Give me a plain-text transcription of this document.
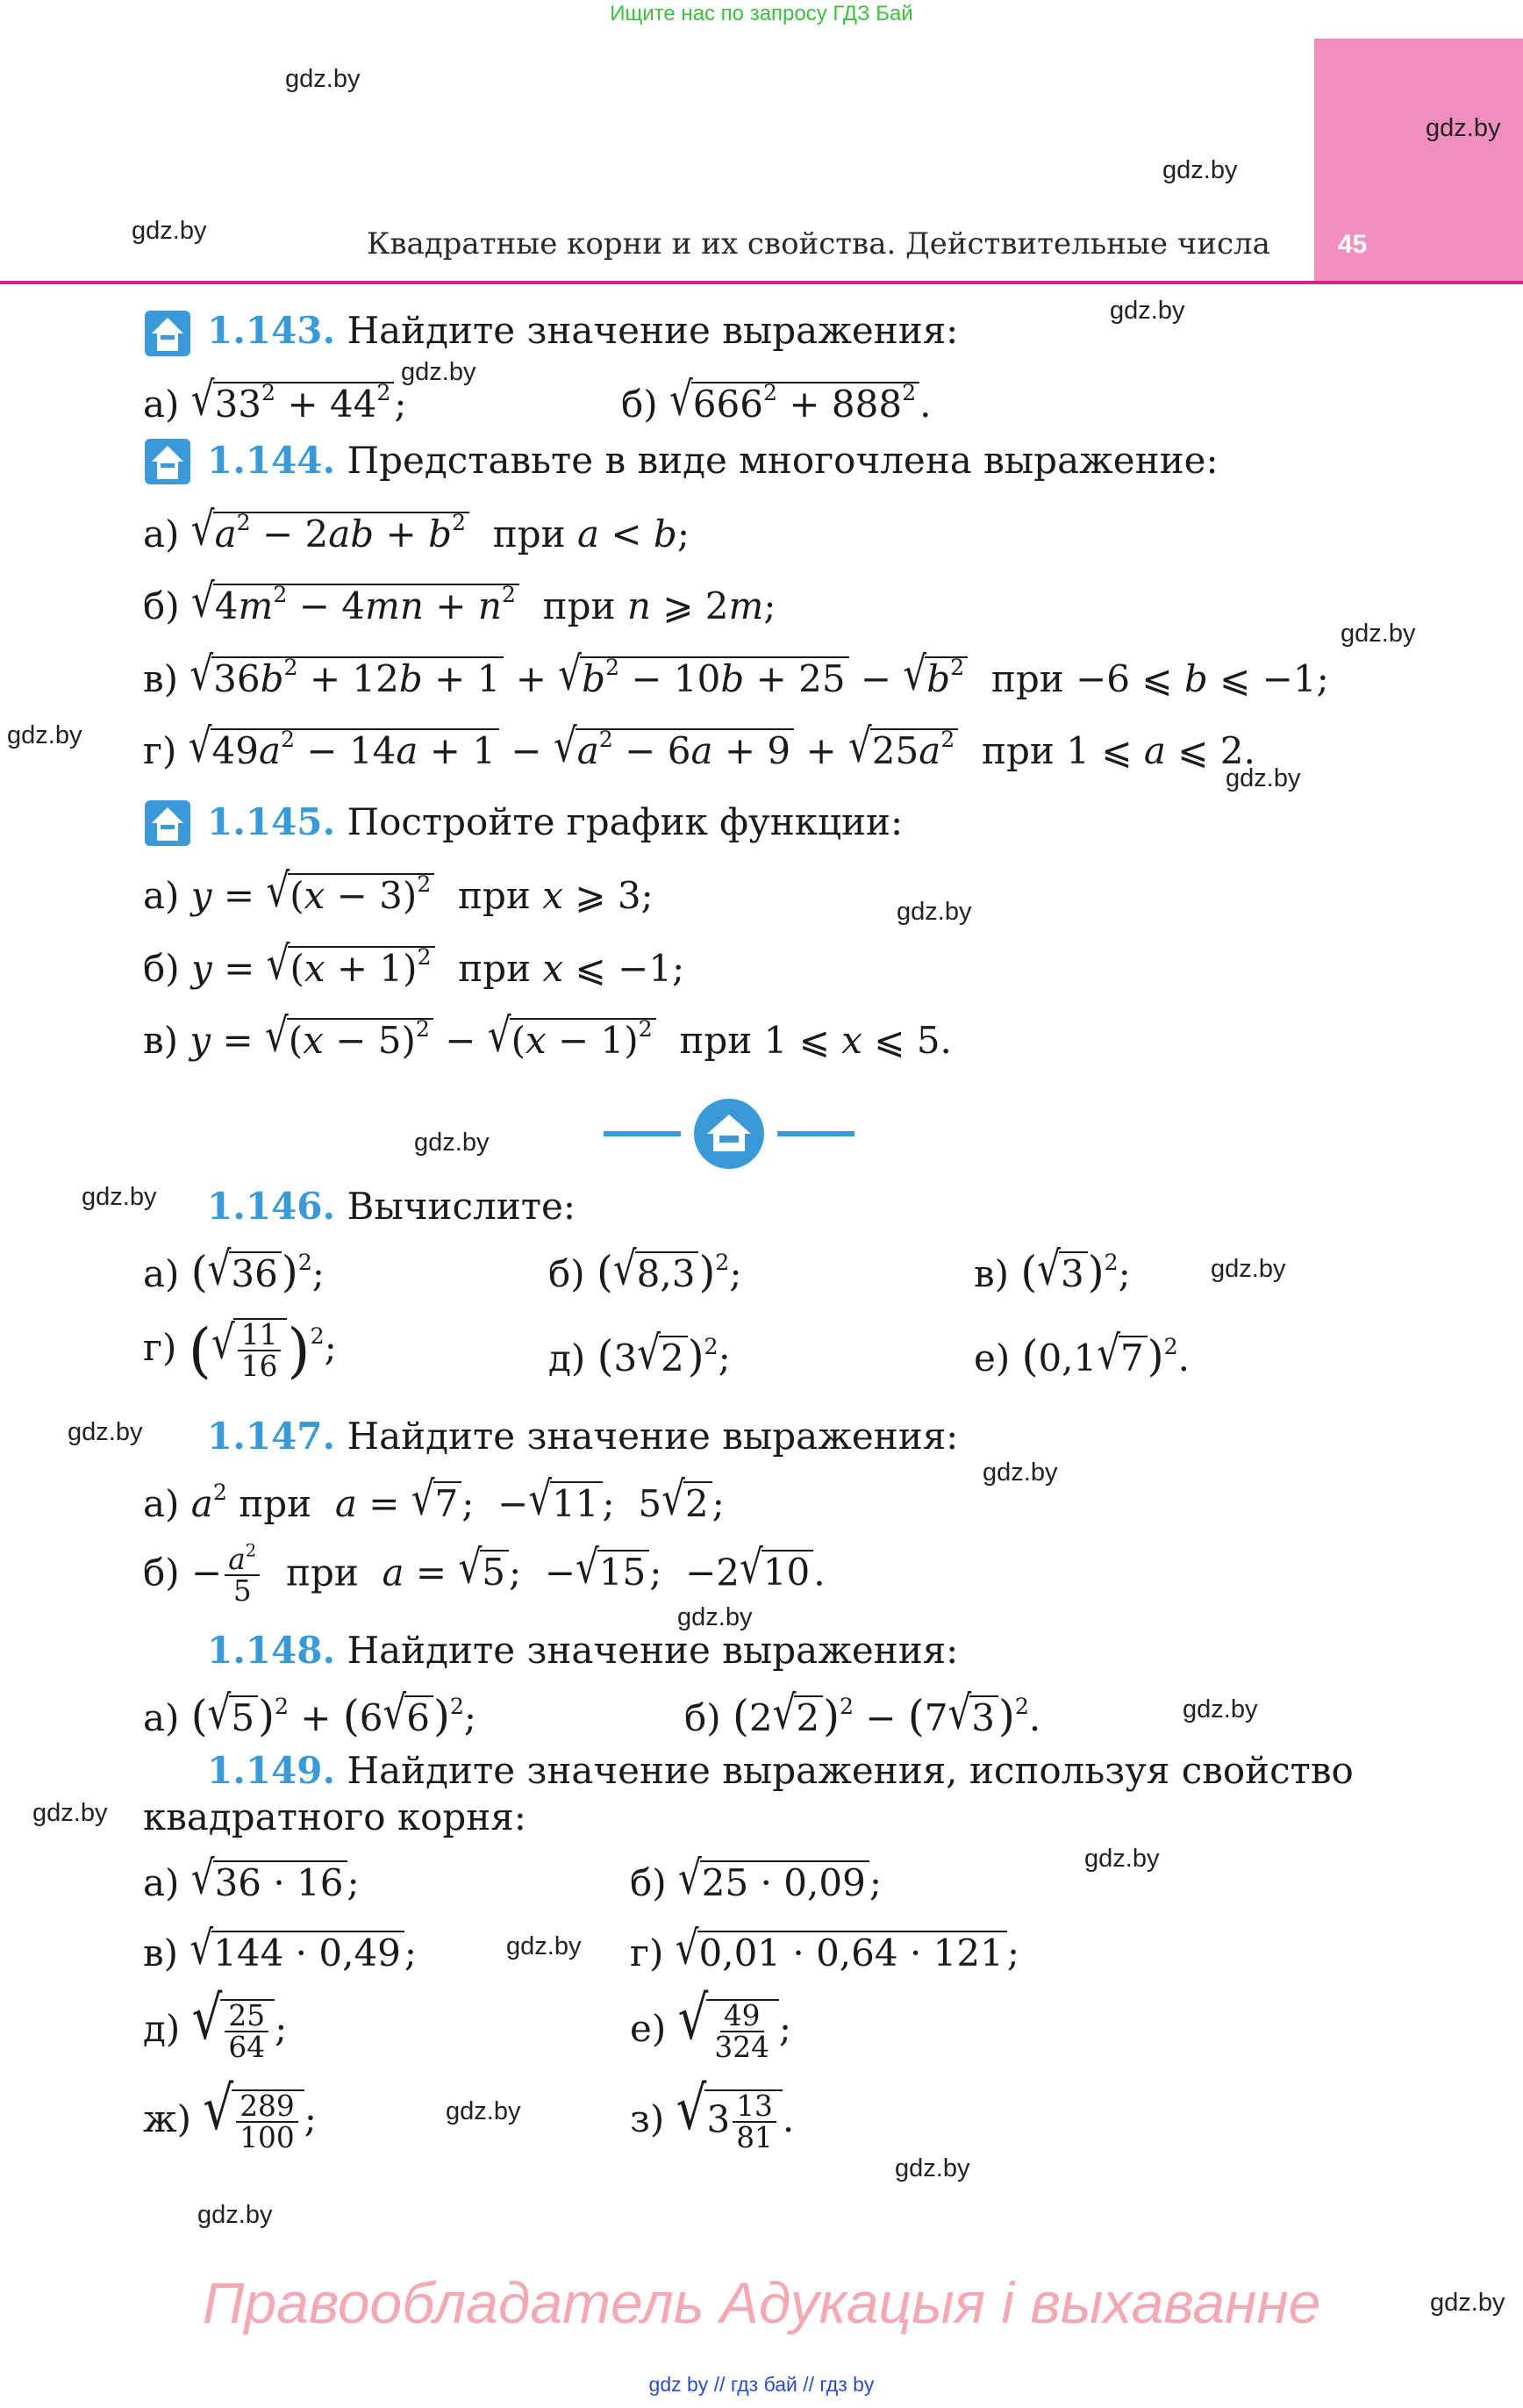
Ищите нас по запросу ГДЗ Бай
45
Квадратные корни и их свойства. Действительные числа
gdz.by
gdz.by
gdz.by
gdz.by
gdz.by
gdz.by
gdz.by
gdz.by
gdz.by
gdz.by
gdz.by
gdz.by
gdz.by
gdz.by
gdz.by
gdz.by
gdz.by
gdz.by
gdz.by
gdz.by
gdz.by
gdz.by
gdz.by
gdz.by
1.143. Найдите значение выражения:
а) $√33^2 + 44^2$;	б) $√666^2 + 888^2$.
1.144. Представьте в виде многочлена выражение:
а) $√a^2 - 2ab + b^2$ при a < b;
б) $√4m^2 - 4mn + n^2$ при n ⩾ 2m;
в) $√36b^2 + 12b + 1 + √b^2 - 10b + 25 - √b^2$ при −6 ⩽ b ⩽ −1;
г) $√49a^2 - 14a + 1 - √a^2 - 6a + 9 + √25a^2$ при 1 ⩽ a ⩽ 2.
1.145. Постройте график функции:
а) $y = √(x - 3)^2$ при x ⩾ 3;
б) $y = √(x + 1)^2$ при x ⩽ −1;
в) $y = √(x - 5)^2 - √(x - 1)^2$ при 1 ⩽ x ⩽ 5.
1.146. Вычислите:
а) $(√36)^2$;	б) $(√8,3)^2$;	в) $(√3)^2$;
г) (√ $\frac{11}{16} )^2$;	д) $(3√2)^2$;	е) $(0,1√7)^2$.
1.147. Найдите значение выражения:
а) $a^2$ при a = √7;  −√11;  5√2;
$б) - \frac{a^2}{5}$ при a = √5;  −√15;  −2√10.
1.148. Найдите значение выражения:
а) $(√5)^2 + (6√6)^2$;	б) $(2√2)^2 - (7√3)^2$.
1.149. Найдите значение выражения, используя свойство
квадратного корня:
а) √36 · 16;	б) √25 · 0,09;
в) √144 · 0,49;	г) √0,01 · 0,64 · 121;
д) √ $\frac{25}{64}$ ;	е) √ $\frac{49}{324}$ ;
ж) √ $\frac{289}{100}$ ;	з) $√3 \frac{13}{81}$ .
Правообладатель Адукацыя і выхаванне
gdz by // гдз бай // гдз by
